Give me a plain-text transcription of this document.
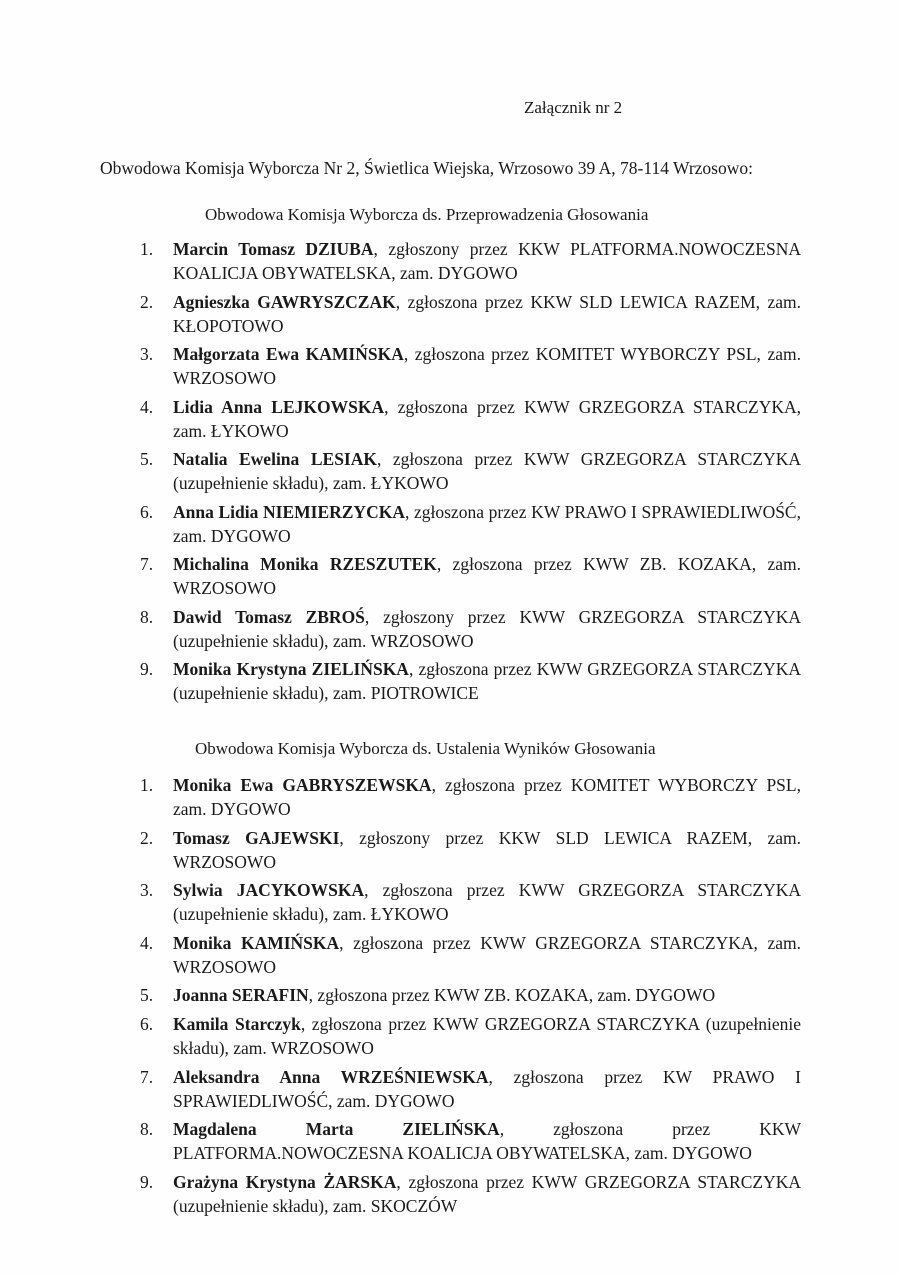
Załącznik nr 2
Obwodowa Komisja Wyborcza Nr 2, Świetlica Wiejska, Wrzosowo 39 A, 78-114 Wrzosowo:
Obwodowa Komisja Wyborcza ds. Przeprowadzenia Głosowania
1.	Marcin Tomasz DZIUBA, zgłoszony przez KKW PLATFORMA.NOWOCZESNA KOALICJA OBYWATELSKA, zam. DYGOWO
2.	Agnieszka GAWRYSZCZAK, zgłoszona przez KKW SLD LEWICA RAZEM, zam. KŁOPOTOWO
3.	Małgorzata Ewa KAMIŃSKA, zgłoszona przez KOMITET WYBORCZY PSL, zam. WRZOSOWO
4.	Lidia Anna LEJKOWSKA, zgłoszona przez KWW GRZEGORZA STARCZYKA, zam. ŁYKOWO
5.	Natalia Ewelina LESIAK, zgłoszona przez KWW GRZEGORZA STARCZYKA (uzupełnienie składu), zam. ŁYKOWO
6.	Anna Lidia NIEMIERZYCKA, zgłoszona przez KW PRAWO I SPRAWIEDLIWOŚĆ, zam. DYGOWO
7.	Michalina Monika RZESZUTEK, zgłoszona przez KWW ZB. KOZAKA, zam. WRZOSOWO
8.	Dawid Tomasz ZBROŚ, zgłoszony przez KWW GRZEGORZA STARCZYKA (uzupełnienie składu), zam. WRZOSOWO
9.	Monika Krystyna ZIELIŃSKA, zgłoszona przez KWW GRZEGORZA STARCZYKA (uzupełnienie składu), zam. PIOTROWICE
Obwodowa Komisja Wyborcza ds. Ustalenia Wyników Głosowania
1.	Monika Ewa GABRYSZEWSKA, zgłoszona przez KOMITET WYBORCZY PSL, zam. DYGOWO
2.	Tomasz GAJEWSKI, zgłoszony przez KKW SLD LEWICA RAZEM, zam. WRZOSOWO
3.	Sylwia JACYKOWSKA, zgłoszona przez KWW GRZEGORZA STARCZYKA (uzupełnienie składu), zam. ŁYKOWO
4.	Monika KAMIŃSKA, zgłoszona przez KWW GRZEGORZA STARCZYKA, zam. WRZOSOWO
5.	Joanna SERAFIN, zgłoszona przez KWW ZB. KOZAKA, zam. DYGOWO
6.	Kamila Starczyk, zgłoszona przez KWW GRZEGORZA STARCZYKA (uzupełnienie składu), zam. WRZOSOWO
7.	Aleksandra Anna WRZEŚNIEWSKA, zgłoszona przez KW PRAWO I SPRAWIEDLIWOŚĆ, zam. DYGOWO
8.	Magdalena Marta ZIELIŃSKA, zgłoszona przez KKW PLATFORMA.NOWOCZESNA KOALICJA OBYWATELSKA, zam. DYGOWO
9.	Grażyna Krystyna ŻARSKA, zgłoszona przez KWW GRZEGORZA STARCZYKA (uzupełnienie składu), zam. SKOCZÓW
